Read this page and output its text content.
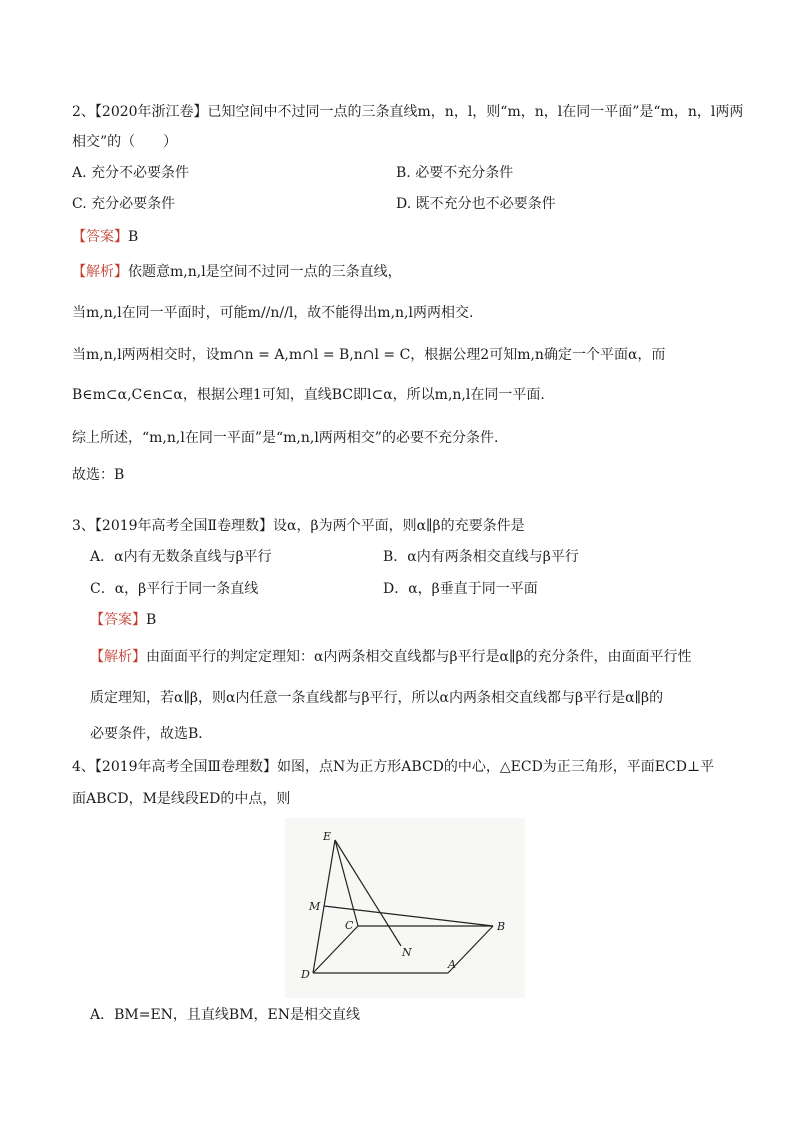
2、【2020年浙江卷】已知空间中不过同一点的三条直线m，n，l，则“m，n，l在同一平面”是“m，n，l两两
相交”的（　　）
A. 充分不必要条件	B. 必要不充分条件
C. 充分必要条件	D. 既不充分也不必要条件
【答案】B
【解析】依题意m,n,l是空间不过同一点的三条直线，
当m,n,l在同一平面时，可能m//n//l，故不能得出m,n,l两两相交.
当m,n,l两两相交时，设m∩n = A,m∩l = B,n∩l = C，根据公理2可知m,n确定一个平面α，而
B∈m⊂α,C∈n⊂α，根据公理1可知，直线BC即l⊂α，所以m,n,l在同一平面.
综上所述，“m,n,l在同一平面”是“m,n,l两两相交”的必要不充分条件.
故选：B
3、【2019年高考全国Ⅱ卷理数】设α，β为两个平面，则α∥β的充要条件是
A．α内有无数条直线与β平行	B．α内有两条相交直线与β平行
C．α，β平行于同一条直线	D．α，β垂直于同一平面
【答案】B
【解析】由面面平行的判定定理知：α内两条相交直线都与β平行是α∥β的充分条件，由面面平行性
质定理知，若α∥β，则α内任意一条直线都与β平行，所以α内两条相交直线都与β平行是α∥β的
必要条件，故选B．
4、【2019年高考全国Ⅲ卷理数】如图，点N为正方形ABCD的中心，△ECD为正三角形，平面ECD⊥平
面ABCD，M是线段ED的中点，则
E
M
C	B
N
D
A
A．BM=EN，且直线BM，EN是相交直线
